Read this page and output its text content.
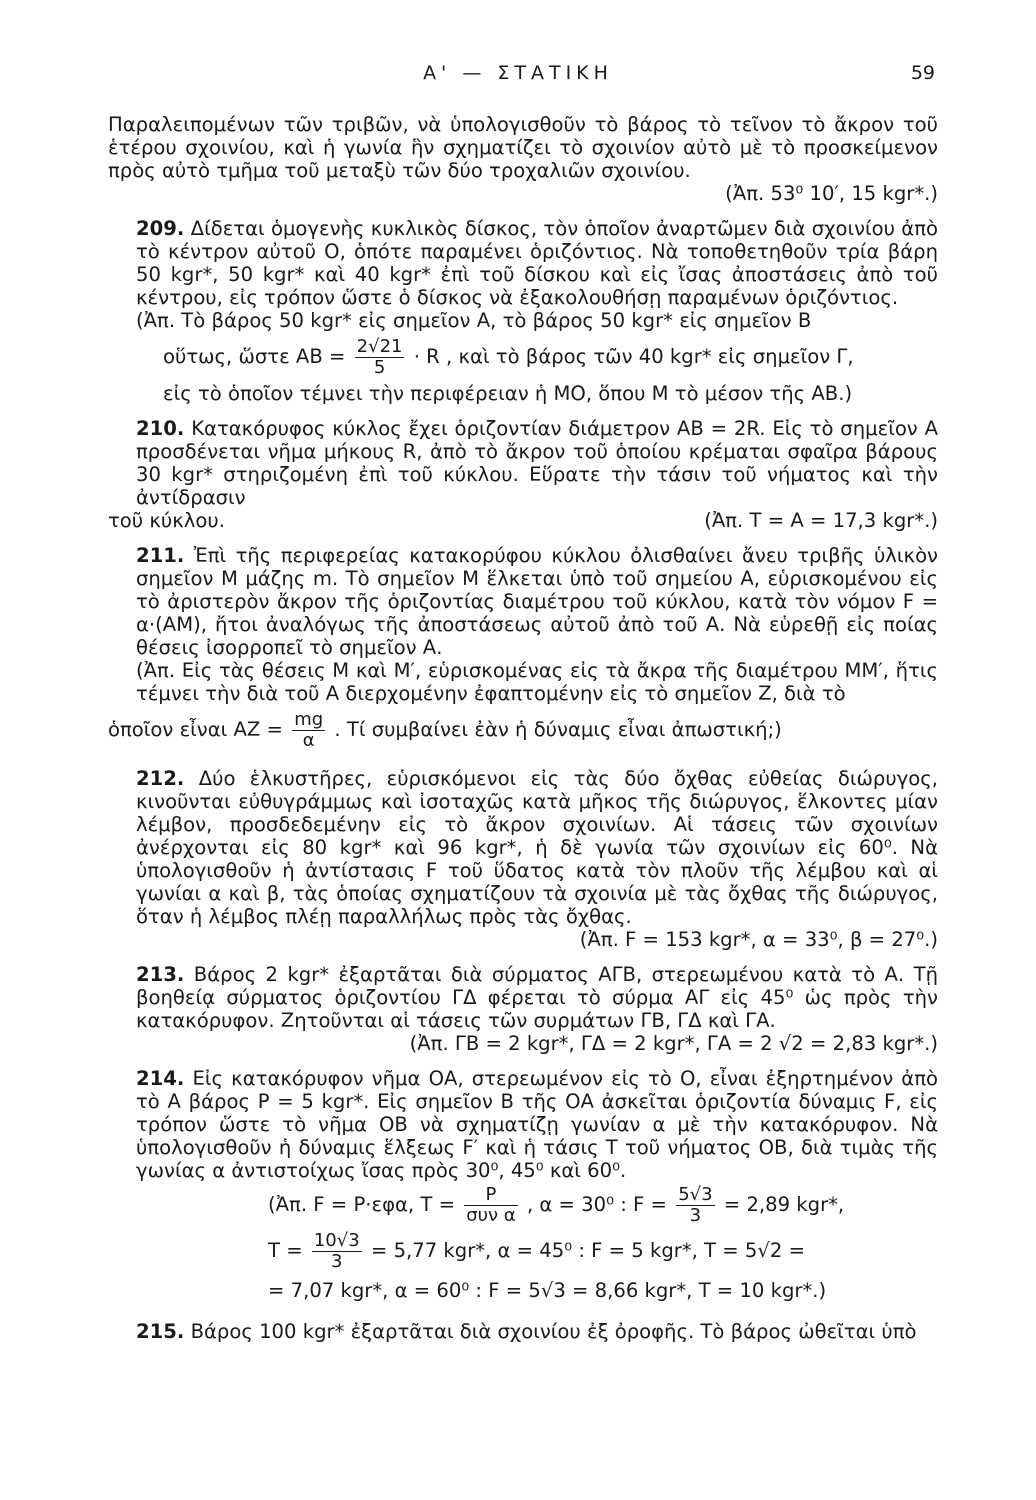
Α' — ΣΤΑΤΙΚΗ	59

Παραλειπομένων τῶν τριβῶν, νὰ ὑπολογισθοῦν τὸ βάρος τὸ τεῖνον τὸ ἄκρον τοῦ ἑτέρου σχοινίου, καὶ ἡ γωνία ἣν σχηματίζει τὸ σχοινίον αὐτὸ μὲ τὸ προσκείμενον πρὸς αὐτὸ τμῆμα τοῦ μεταξὺ τῶν δύο τροχαλιῶν σχοινίου.

(Ἀπ. 53⁰ 10′, 15 kgr*.)

209. Δίδεται ὁμογενὴς κυκλικὸς δίσκος, τὸν ὁποῖον ἀναρτῶμεν διὰ σχοινίου ἀπὸ τὸ κέντρον αὐτοῦ Ο, ὁπότε παραμένει ὁριζόντιος. Νὰ τοποθετηθοῦν τρία βάρη 50 kgr*, 50 kgr* καὶ 40 kgr* ἐπὶ τοῦ δίσκου καὶ εἰς ἴσας ἀποστάσεις ἀπὸ τοῦ κέντρου, εἰς τρόπον ὥστε ὁ δίσκος νὰ ἐξακολουθήσῃ παραμένων ὁριζόντιος.

(Ἀπ. Τὸ βάρος 50 kgr* εἰς σημεῖον Α, τὸ βάρος 50 kgr* εἰς σημεῖον Β

οὕτως, ὥστε $AB = \frac{2√21}{5} \cdot R$ , καὶ τὸ βάρος τῶν 40 kgr* εἰς σημεῖον Γ,

εἰς τὸ ὁποῖον τέμνει τὴν περιφέρειαν ἡ ΜΟ, ὅπου Μ τὸ μέσον τῆς ΑΒ.)

210. Κατακόρυφος κύκλος ἔχει ὁριζοντίαν διάμετρον ΑΒ = 2R. Εἰς τὸ σημεῖον Α προσδένεται νῆμα μήκους R, ἀπὸ τὸ ἄκρον τοῦ ὁποίου κρέμαται σφαῖρα βάρους 30 kgr* στηριζομένη ἐπὶ τοῦ κύκλου. Εὕρατε τὴν τάσιν τοῦ νήματος καὶ τὴν ἀντίδρασιν

τοῦ κύκλου.	(Ἀπ. Τ = Α = 17,3 kgr*.)

211. Ἐπὶ τῆς περιφερείας κατακορύφου κύκλου ὀλισθαίνει ἄνευ τριβῆς ὑλικὸν σημεῖον Μ μάζης m. Τὸ σημεῖον Μ ἕλκεται ὑπὸ τοῦ σημείου Α, εὑρισκομένου εἰς τὸ ἀριστερὸν ἄκρον τῆς ὁριζοντίας διαμέτρου τοῦ κύκλου, κατὰ τὸν νόμον F = α·(ΑΜ), ἤτοι ἀναλόγως τῆς ἀποστάσεως αὐτοῦ ἀπὸ τοῦ Α. Νὰ εὑρεθῇ εἰς ποίας θέσεις ἰσορροπεῖ τὸ σημεῖον Α.

(Ἀπ. Εἰς τὰς θέσεις Μ καὶ Μ′, εὑρισκομένας εἰς τὰ ἄκρα τῆς διαμέτρου ΜΜ′, ἥτις τέμνει τὴν διὰ τοῦ Α διερχομένην ἐφαπτομένην εἰς τὸ σημεῖον Ζ, διὰ τὸ

ὁποῖον εἶναι $AZ = \frac{mg}{\alpha}$ . Τί συμβαίνει ἐὰν ἡ δύναμις εἶναι ἀπωστική;)

212. Δύο ἑλκυστῆρες, εὑρισκόμενοι εἰς τὰς δύο ὄχθας εὐθείας διώρυγος, κινοῦνται εὐθυγράμμως καὶ ἰσοταχῶς κατὰ μῆκος τῆς διώρυγος, ἕλκοντες μίαν λέμβον, προσδεδεμένην εἰς τὸ ἄκρον σχοινίων. Αἱ τάσεις τῶν σχοινίων ἀνέρχονται εἰς 80 kgr* καὶ 96 kgr*, ἡ δὲ γωνία τῶν σχοινίων εἰς 60⁰. Νὰ ὑπολογισθοῦν ἡ ἀντίστασις F τοῦ ὕδατος κατὰ τὸν πλοῦν τῆς λέμβου καὶ αἱ γωνίαι α καὶ β, τὰς ὁποίας σχηματίζουν τὰ σχοινία μὲ τὰς ὄχθας τῆς διώρυγος, ὅταν ἡ λέμβος πλέῃ παραλλήλως πρὸς τὰς ὄχθας.

(Ἀπ. F = 153 kgr*, α = 33⁰, β = 27⁰.)

213. Βάρος 2 kgr* ἐξαρτᾶται διὰ σύρματος ΑΓΒ, στερεωμένου κατὰ τὸ Α. Τῇ βοηθείᾳ σύρματος ὁριζοντίου ΓΔ φέρεται τὸ σύρμα ΑΓ εἰς 45⁰ ὡς πρὸς τὴν κατακόρυφον. Ζητοῦνται αἱ τάσεις τῶν συρμάτων ΓΒ, ΓΔ καὶ ΓΑ.

(Ἀπ. ΓΒ = 2 kgr*, ΓΔ = 2 kgr*, ΓΑ = 2 √2 = 2,83 kgr*.)

214. Εἰς κατακόρυφον νῆμα ΟΑ, στερεωμένον εἰς τὸ Ο, εἶναι ἐξηρτημένον ἀπὸ τὸ Α βάρος P = 5 kgr*. Εἰς σημεῖον Β τῆς ΟΑ ἀσκεῖται ὁριζοντία δύναμις F, εἰς τρόπον ὥστε τὸ νῆμα ΟΒ νὰ σχηματίζῃ γωνίαν α μὲ τὴν κατακόρυφον. Νὰ ὑπολογισθοῦν ἡ δύναμις ἕλξεως F′ καὶ ἡ τάσις Τ τοῦ νήματος ΟΒ, διὰ τιμὰς τῆς γωνίας α ἀντιστοίχως ἴσας πρὸς 30⁰, 45⁰ καὶ 60⁰.

(Ἀπ. F = P·εφα, $T = \frac{P}{\text{συν α}}$ , α = 30⁰ : $F = \frac{5√3}{3} = 2,89$ kgr*,
$T = \frac{10√3}{3} = 5,77$ kgr*, α = 45⁰ : F = 5 kgr*, T = 5√2 =

= 7,07 kgr*, α = 60⁰ : F = 5√3 = 8,66 kgr*, T = 10 kgr*.)

215. Βάρος 100 kgr* ἐξαρτᾶται διὰ σχοινίου ἐξ ὀροφῆς. Τὸ βάρος ὠθεῖται ὑπὸ
